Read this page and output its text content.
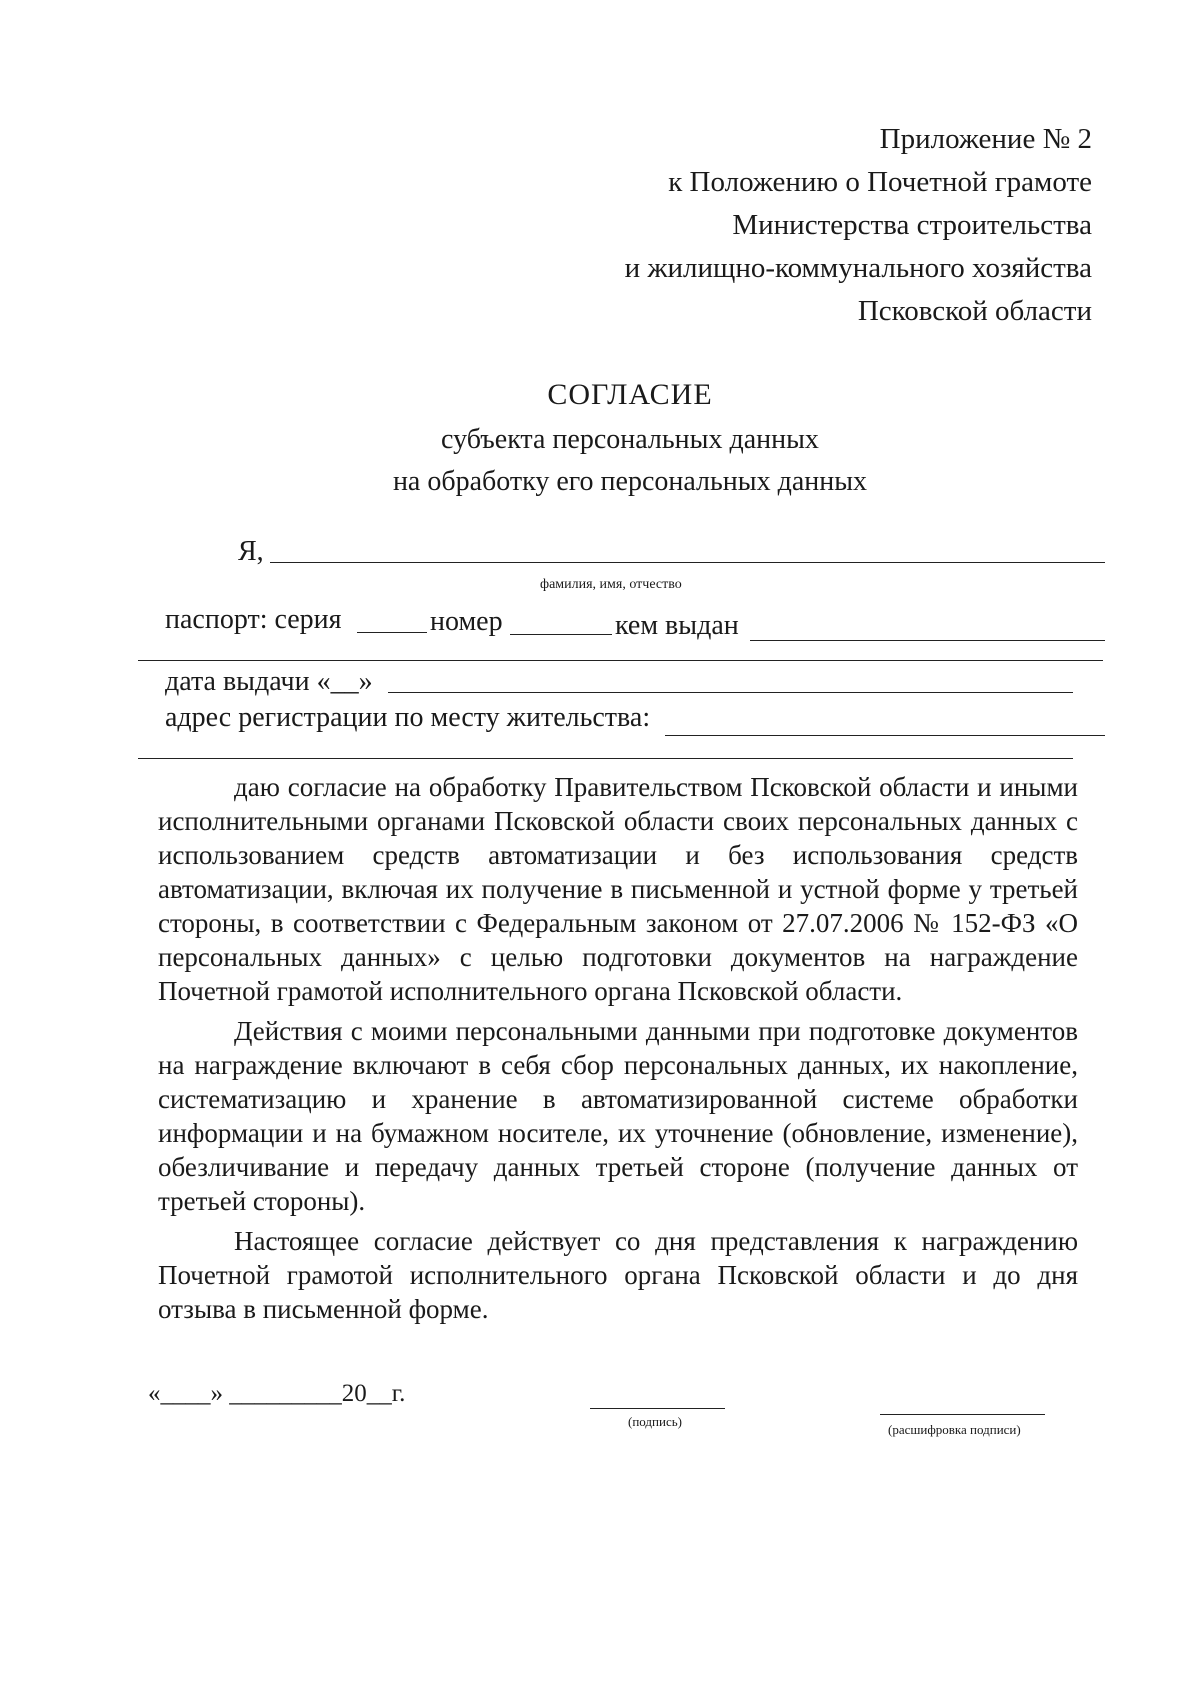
Приложение № 2
к Положению о Почетной грамоте
Министерства строительства
и жилищно-коммунального хозяйства
Псковской области

СОГЛАСИЕ

субъекта персональных данных

на обработку его персональных данных

Я,
фамилия, имя, отчество
паспорт: серия	номер	кем выдан
дата выдачи «__»
адрес регистрации по месту жительства:

даю согласие на обработку Правительством Псковской области и иными исполнительными органами Псковской области своих персональных данных с использованием средств автоматизации и без использования средств автоматизации, включая их получение в письменной и устной форме у третьей стороны, в соответствии с Федеральным законом от 27.07.2006 № 152-ФЗ «О персональных данных» с целью подготовки документов на награждение Почетной грамотой исполнительного органа Псковской области.

Действия с моими персональными данными при подготовке документов на награждение включают в себя сбор персональных данных, их накопление, систематизацию и хранение в автоматизированной системе обработки информации и на бумажном носителе, их уточнение (обновление, изменение), обезличивание и передачу данных третьей стороне (получение данных от третьей стороны).

Настоящее согласие действует со дня представления к награждению Почетной грамотой исполнительного органа Псковской области и до дня отзыва в письменной форме.

«____» _________20__г.
(подпись)
(расшифровка подписи)
